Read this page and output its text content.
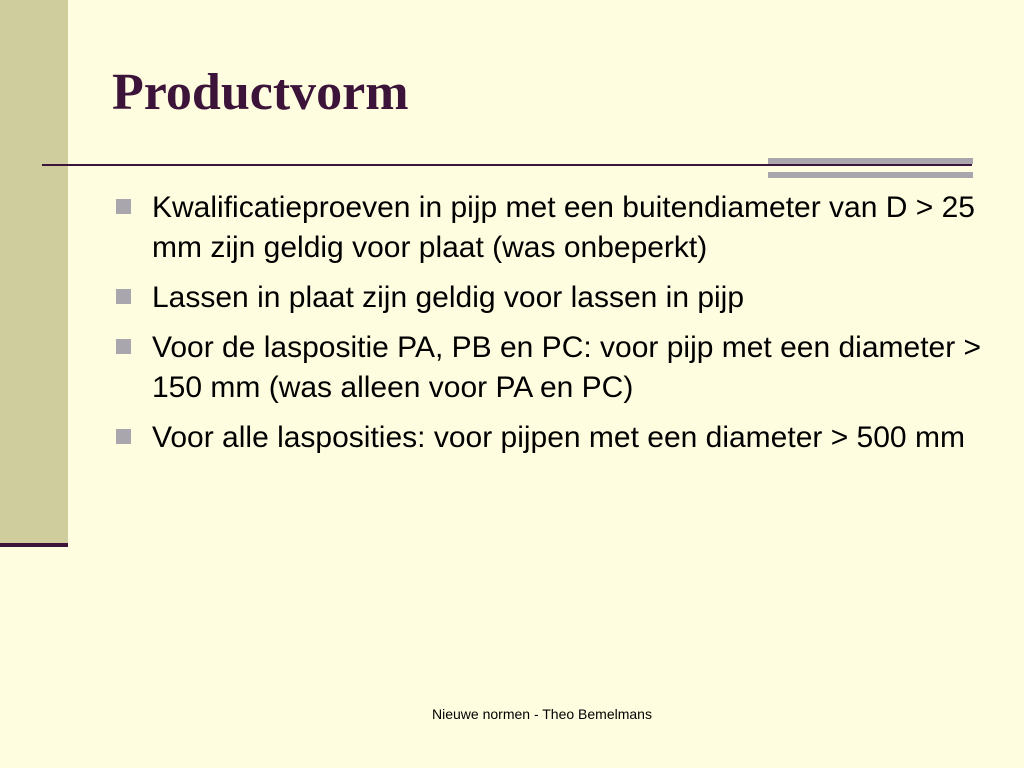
Productvorm
Kwalificatieproeven in pijp met een buitendiameter van D > 25 mm zijn geldig voor plaat (was onbeperkt)
Lassen in plaat zijn geldig voor lassen in pijp
Voor de laspositie PA, PB en PC: voor pijp met een diameter > 150 mm (was alleen voor PA en PC)
Voor alle lasposities: voor pijpen met een diameter > 500 mm
Nieuwe normen - Theo Bemelmans
